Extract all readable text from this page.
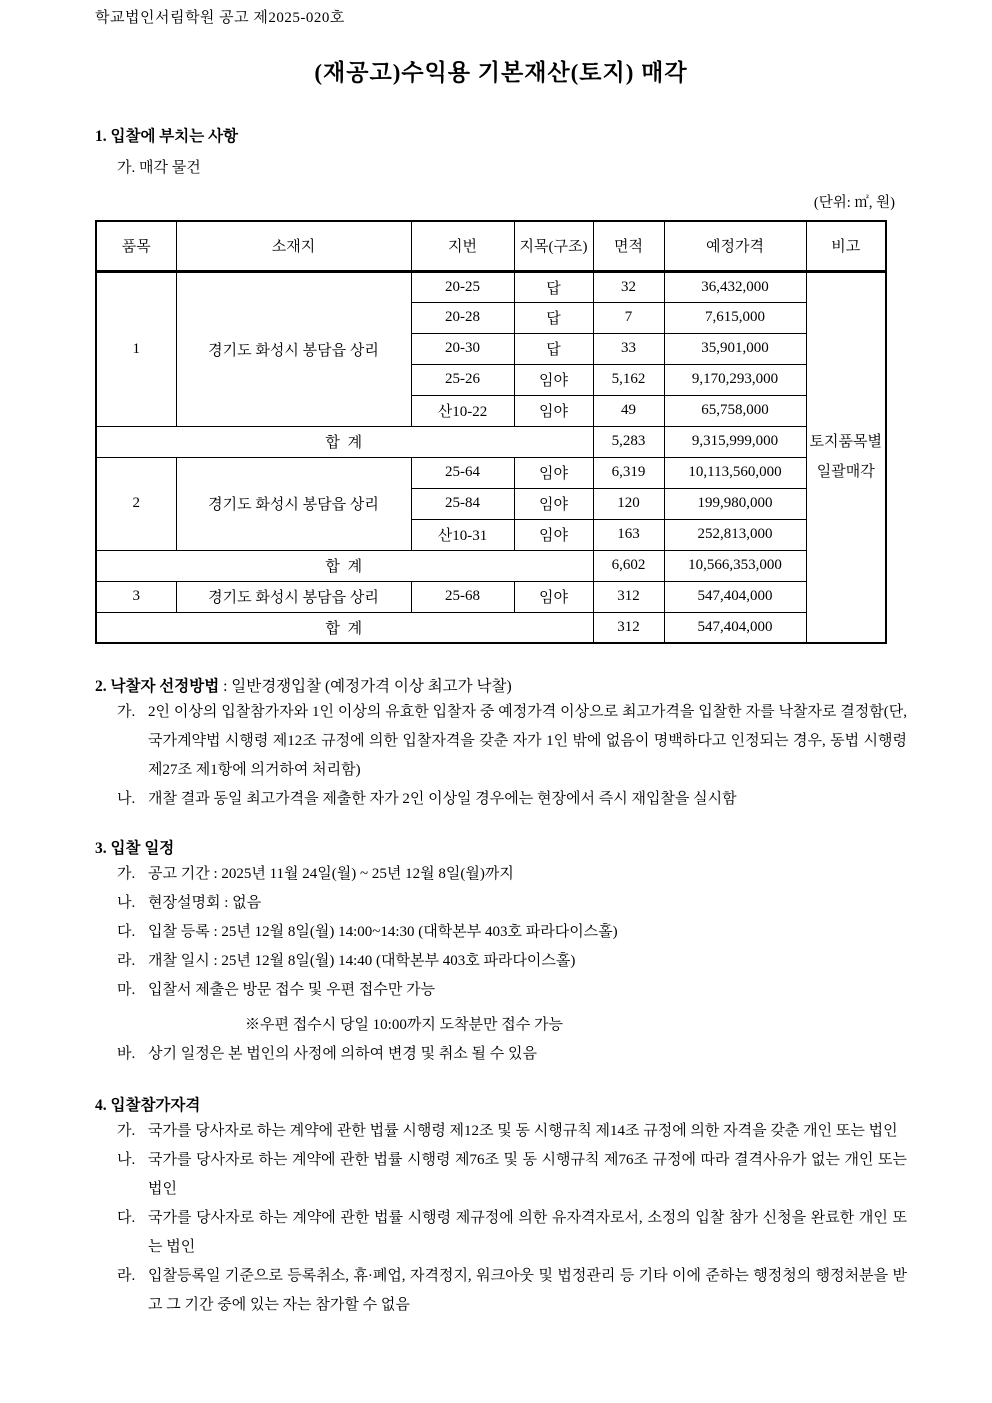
학교법인서림학원 공고 제2025-020호
(재공고)수익용 기본재산(토지) 매각
1. 입찰에 부치는 사항
가. 매각 물건
(단위: ㎡, 원)
품목	소재지	지번	지목(구조)	면적	예정가격	비고
1	경기도 화성시 봉담읍 상리	20-25	답	32	36,432,000	토지품목별
일괄매각

		20-28	답	7	7,615,000	
		20-30	답	33	35,901,000	
		25-26	임야	5,162	9,170,293,000	
		산10-22	임야	49	65,758,000	
합 계				5,283	9,315,999,000	
2	경기도 화성시 봉담읍 상리	25-64	임야	6,319	10,113,560,000	
		25-84	임야	120	199,980,000	
		산10-31	임야	163	252,813,000	
합 계				6,602	10,566,353,000	
3	경기도 화성시 봉담읍 상리	25-68	임야	312	547,404,000	
합 계				312	547,404,000	
2. 낙찰자 선정방법 : 일반경쟁입찰 (예정가격 이상 최고가 낙찰)
가. 2인 이상의 입찰참가자와 1인 이상의 유효한 입찰자 중 예정가격 이상으로 최고가격을 입찰한 자를 낙찰자로 결정함(단, 국가계약법 시행령 제12조 규정에 의한 입찰자격을 갖춘 자가 1인 밖에 없음이 명백하다고 인정되는 경우, 동법 시행령 제27조 제1항에 의거하여 처리함)
나. 개찰 결과 동일 최고가격을 제출한 자가 2인 이상일 경우에는 현장에서 즉시 재입찰을 실시함
3. 입찰 일정
가. 공고 기간 : 2025년 11월 24일(월) ~ 25년 12월 8일(월)까지
나. 현장설명회 : 없음
다. 입찰 등록 : 25년 12월 8일(월) 14:00~14:30 (대학본부 403호 파라다이스홀)
라. 개찰 일시 : 25년 12월 8일(월) 14:40 (대학본부 403호 파라다이스홀)
마. 입찰서 제출은 방문 접수 및 우편 접수만 가능
※우편 접수시 당일 10:00까지 도착분만 접수 가능
바. 상기 일정은 본 법인의 사정에 의하여 변경 및 취소 될 수 있음
4. 입찰참가자격
가. 국가를 당사자로 하는 계약에 관한 법률 시행령 제12조 및 동 시행규칙 제14조 규정에 의한 자격을 갖춘 개인 또는 법인
나. 국가를 당사자로 하는 계약에 관한 법률 시행령 제76조 및 동 시행규칙 제76조 규정에 따라 결격사유가 없는 개인 또는 법인
다. 국가를 당사자로 하는 계약에 관한 법률 시행령 제규정에 의한 유자격자로서, 소정의 입찰 참가 신청을 완료한 개인 또는 법인
라. 입찰등록일 기준으로 등록취소, 휴·폐업, 자격정지, 워크아웃 및 법정관리 등 기타 이에 준하는 행정청의 행정처분을 받고 그 기간 중에 있는 자는 참가할 수 없음
